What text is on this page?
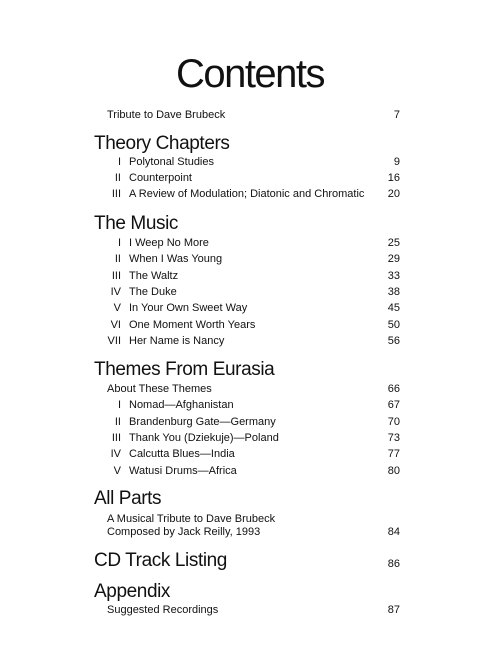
Contents
Tribute to Dave Brubeck	7
Theory Chapters
I Polytonal Studies	9
II Counterpoint	16
III A Review of Modulation; Diatonic and Chromatic	20
The Music
I I Weep No More	25
II When I Was Young	29
III The Waltz	33
IV The Duke	38
V In Your Own Sweet Way	45
VI One Moment Worth Years	50
VII Her Name is Nancy	56
Themes From Eurasia
About These Themes	66
I Nomad—Afghanistan	67
II Brandenburg Gate—Germany	70
III Thank You (Dziekuje)—Poland	73
IV Calcutta Blues—India	77
V Watusi Drums—Africa	80
All Parts
A Musical Tribute to Dave Brubeck
Composed by Jack Reilly, 1993	84
CD Track Listing	86
Appendix
Suggested Recordings	87
